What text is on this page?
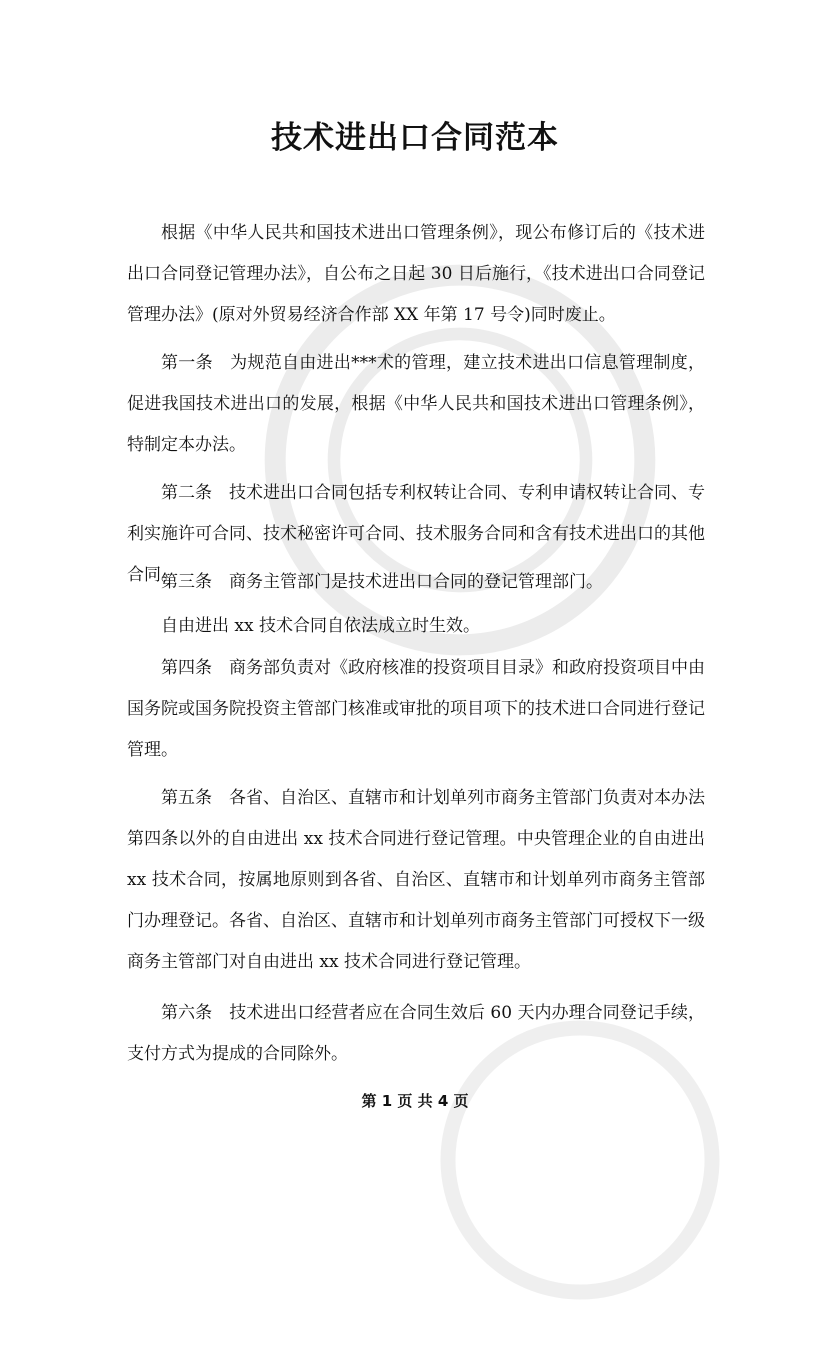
技术进出口合同范本

根据《中华人民共和国技术进出口管理条例》，现公布修订后的《技术进出口合同登记管理办法》，自公布之日起 30 日后施行，《技术进出口合同登记管理办法》(原对外贸易经济合作部 XX 年第 17 号令)同时废止。

第一条　为规范自由进出***术的管理，建立技术进出口信息管理制度，促进我国技术进出口的发展，根据《中华人民共和国技术进出口管理条例》，特制定本办法。

第二条　技术进出口合同包括专利权转让合同、专利申请权转让合同、专利实施许可合同、技术秘密许可合同、技术服务合同和含有技术进出口的其他合同。

第三条　商务主管部门是技术进出口合同的登记管理部门。

自由进出 xx 技术合同自依法成立时生效。

第四条　商务部负责对《政府核准的投资项目目录》和政府投资项目中由国务院或国务院投资主管部门核准或审批的项目项下的技术进口合同进行登记管理。

第五条　各省、自治区、直辖市和计划单列市商务主管部门负责对本办法第四条以外的自由进出 xx 技术合同进行登记管理。中央管理企业的自由进出 xx 技术合同，按属地原则到各省、自治区、直辖市和计划单列市商务主管部门办理登记。各省、自治区、直辖市和计划单列市商务主管部门可授权下一级商务主管部门对自由进出 xx 技术合同进行登记管理。

第六条　技术进出口经营者应在合同生效后 60 天内办理合同登记手续，支付方式为提成的合同除外。

第 1 页 共 4 页
